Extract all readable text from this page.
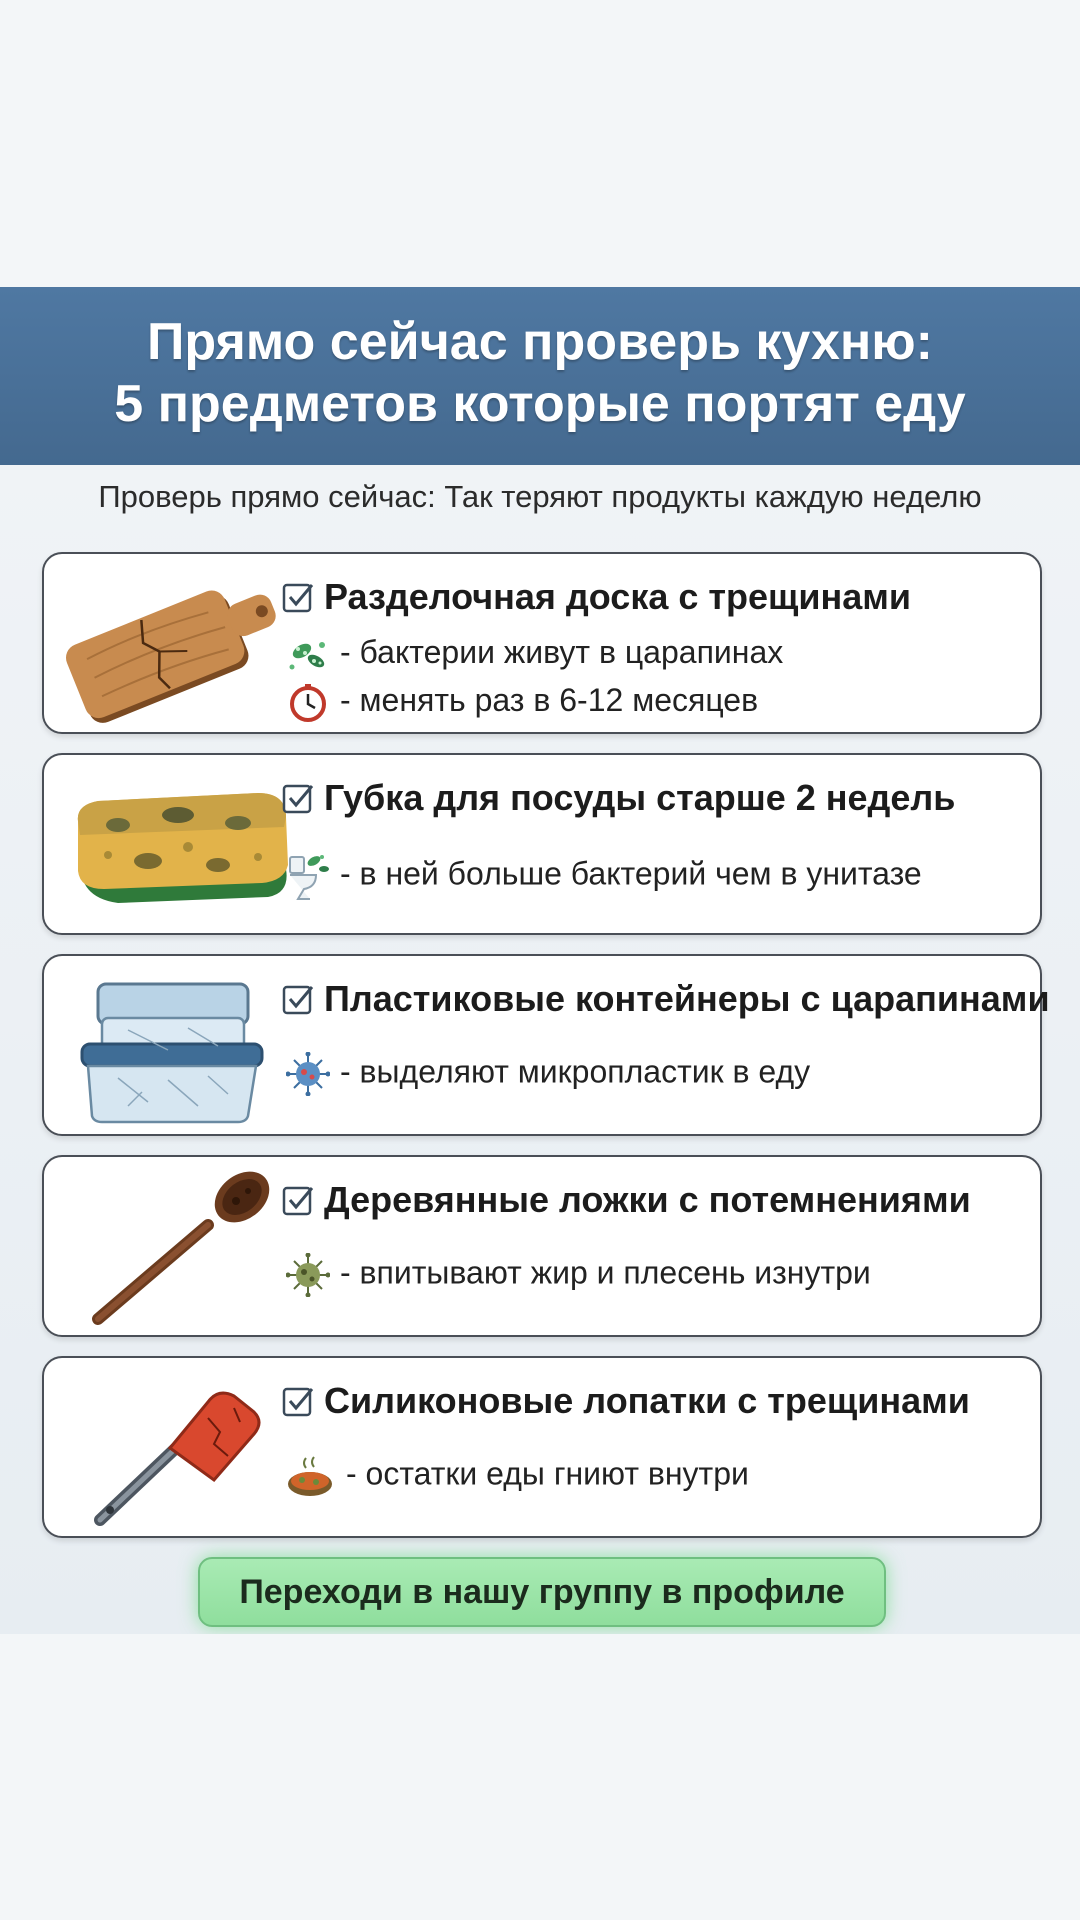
Прямо сейчас проверь кухню:
5 предметов которые портят еду
Проверь прямо сейчас: Так теряют продукты каждую неделю
Разделочная доска с трещинами
- бактерии живут в царапинах
- менять раз в 6-12 месяцев
Губка для посуды старше 2 недель
- в ней больше бактерий чем в унитазе
Пластиковые контейнеры с царапинами
- выделяют микропластик в еду
Деревянные ложки с потемнениями
- впитывают жир и плесень изнутри
Силиконовые лопатки с трещинами
- остатки еды гниют внутри
Переходи в нашу группу в профиле
